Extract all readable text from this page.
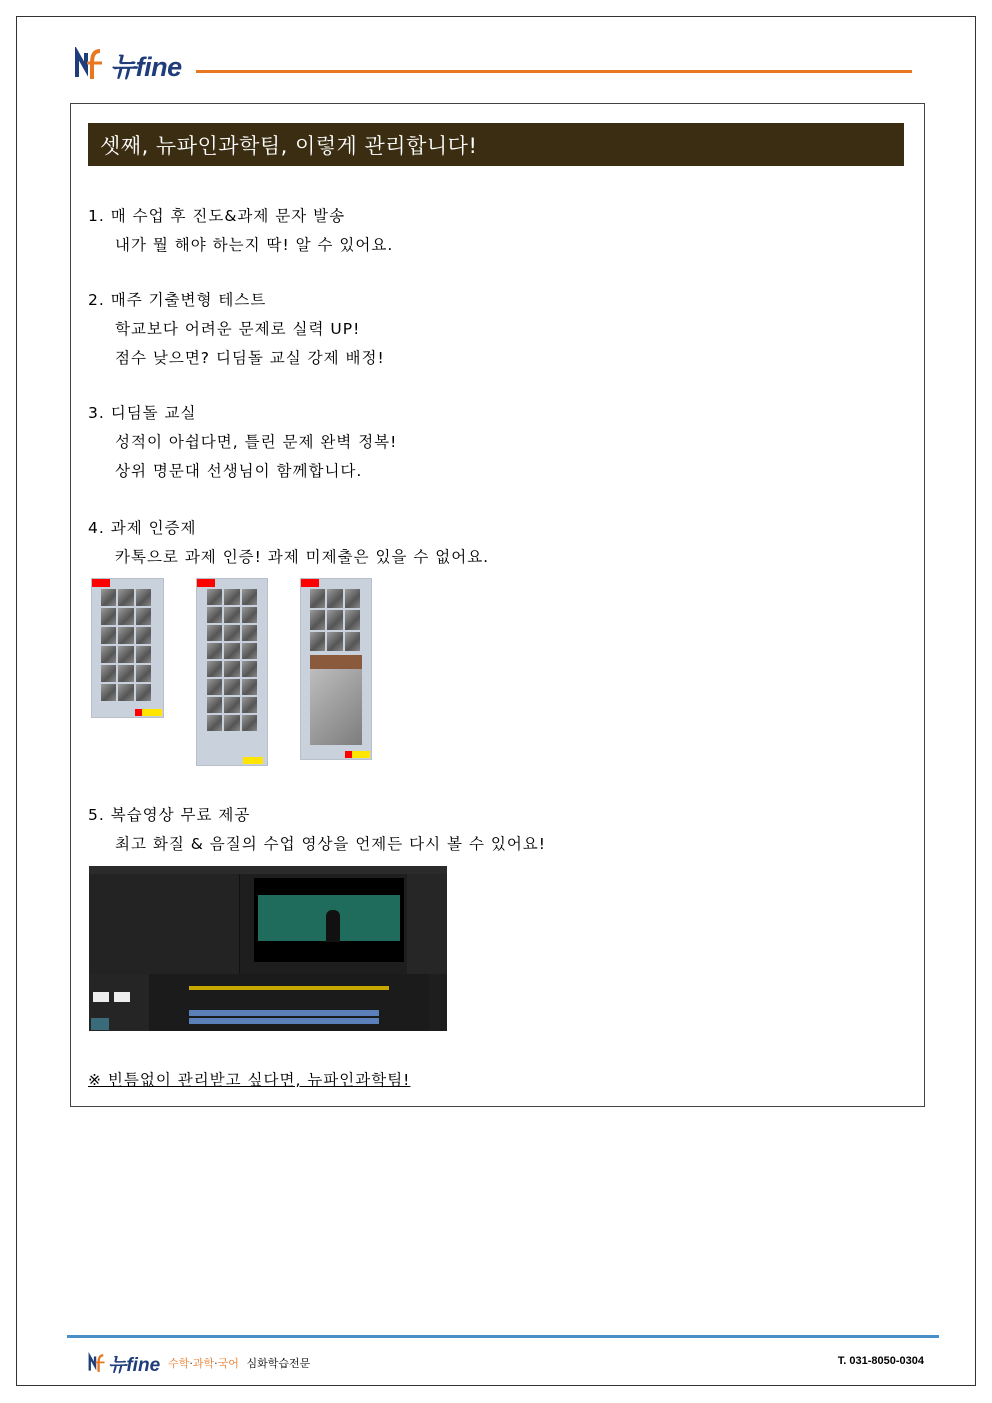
뉴fine
셋째, 뉴파인과학팀, 이렇게 관리합니다!
1. 매 수업 후 진도&과제 문자 발송
내가 뭘 해야 하는지 딱! 알 수 있어요.
2. 매주 기출변형 테스트
학교보다 어려운 문제로 실력 UP!
점수 낮으면? 디딤돌 교실 강제 배정!
3. 디딤돌 교실
성적이 아쉽다면, 틀린 문제 완벽 정복!
상위 명문대 선생님이 함께합니다.
4. 과제 인증제
카톡으로 과제 인증! 과제 미제출은 있을 수 없어요.
5. 복습영상 무료 제공
최고 화질 & 음질의 수업 영상을 언제든 다시 볼 수 있어요!
※ 빈틈없이 관리받고 싶다면, 뉴파인과학팀!
뉴fine 수학·과학·국어 심화학습전문	T. 031-8050-0304
